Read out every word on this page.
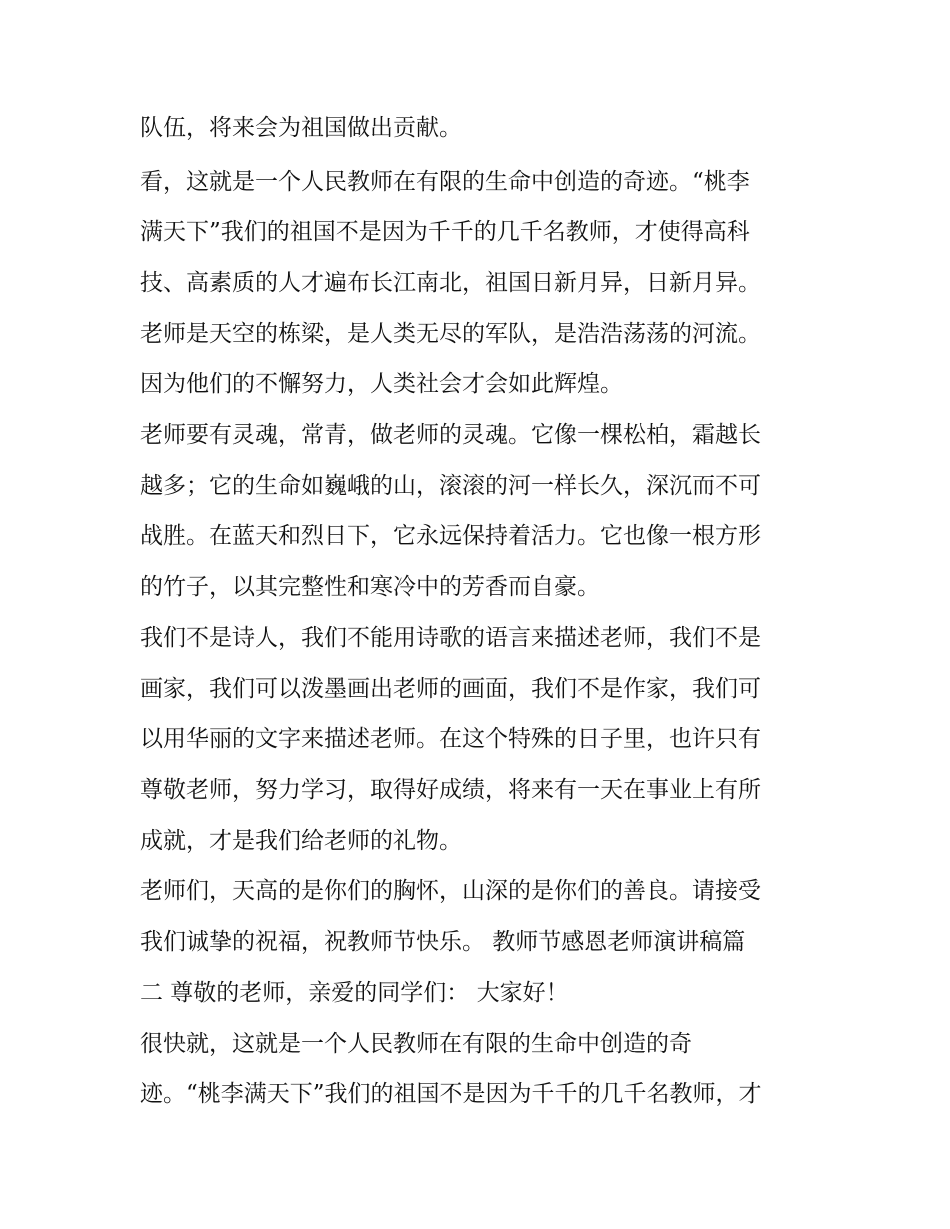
队伍，将来会为祖国做出贡献。
看，这就是一个人民教师在有限的生命中创造的奇迹。“桃李
满天下”我们的祖国不是因为千千的几千名教师，才使得高科
技、高素质的人才遍布长江南北，祖国日新月异，日新月异。
老师是天空的栋梁，是人类无尽的军队，是浩浩荡荡的河流。
因为他们的不懈努力，人类社会才会如此辉煌。
老师要有灵魂，常青，做老师的灵魂。它像一棵松柏，霜越长
越多；它的生命如巍峨的山，滚滚的河一样长久，深沉而不可
战胜。在蓝天和烈日下，它永远保持着活力。它也像一根方形
的竹子，以其完整性和寒冷中的芳香而自豪。
我们不是诗人，我们不能用诗歌的语言来描述老师，我们不是
画家，我们可以泼墨画出老师的画面，我们不是作家，我们可
以用华丽的文字来描述老师。在这个特殊的日子里，也许只有
尊敬老师，努力学习，取得好成绩，将来有一天在事业上有所
成就，才是我们给老师的礼物。
老师们，天高的是你们的胸怀，山深的是你们的善良。请接受
我们诚挚的祝福，祝教师节快乐。 教师节感恩老师演讲稿篇
二 尊敬的老师，亲爱的同学们： 大家好！
很快就，这就是一个人民教师在有限的生命中创造的奇
迹。“桃李满天下”我们的祖国不是因为千千的几千名教师，才
